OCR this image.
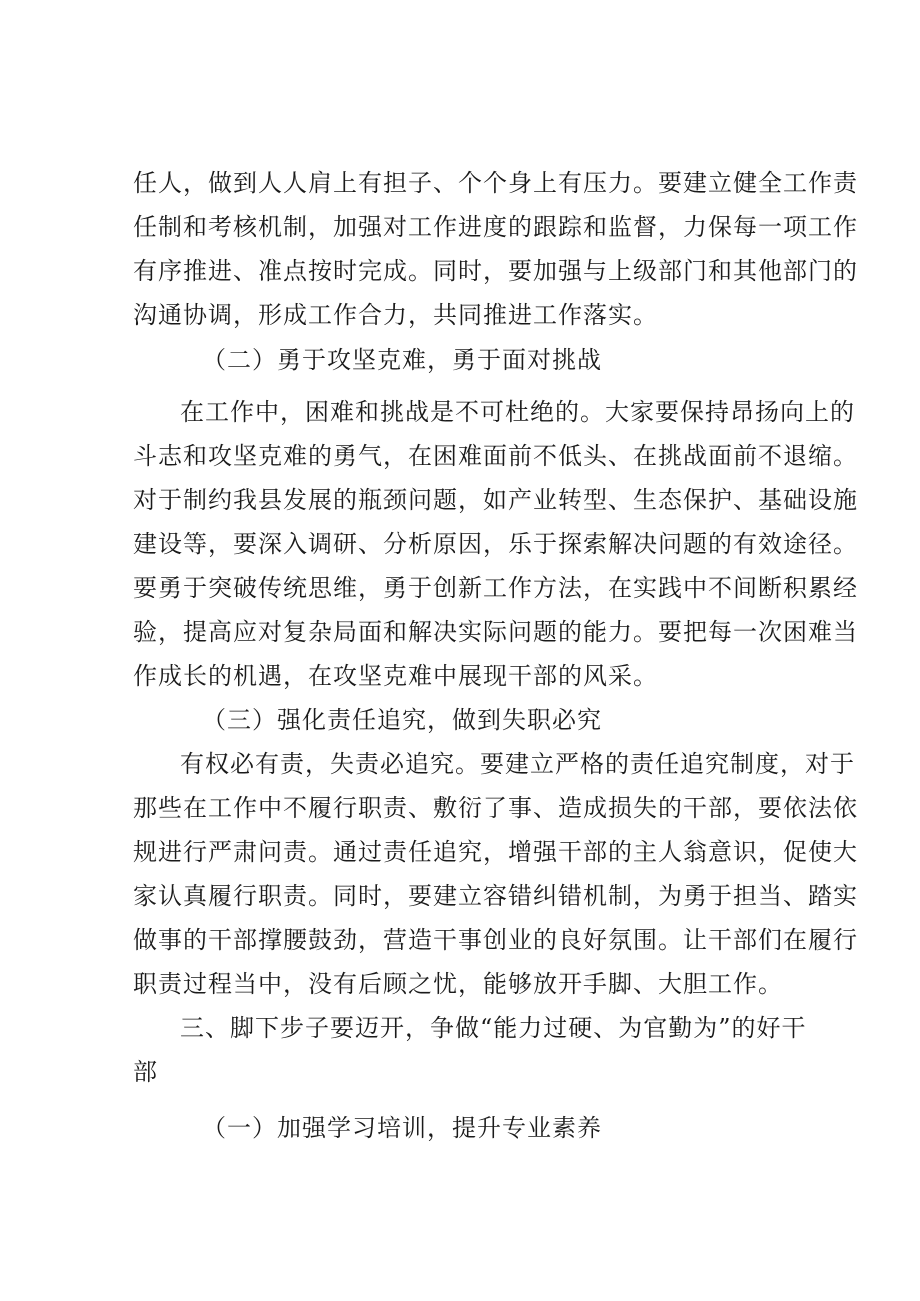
任人，做到人人肩上有担子、个个身上有压力。要建立健全工作责
任制和考核机制，加强对工作进度的跟踪和监督，力保每一项工作
有序推进、准点按时完成。同时，要加强与上级部门和其他部门的
沟通协调，形成工作合力，共同推进工作落实。
（二）勇于攻坚克难，勇于面对挑战
在工作中，困难和挑战是不可杜绝的。大家要保持昂扬向上的
斗志和攻坚克难的勇气，在困难面前不低头、在挑战面前不退缩。
对于制约我县发展的瓶颈问题，如产业转型、生态保护、基础设施
建设等，要深入调研、分析原因，乐于探索解决问题的有效途径。
要勇于突破传统思维，勇于创新工作方法，在实践中不间断积累经
验，提高应对复杂局面和解决实际问题的能力。要把每一次困难当
作成长的机遇，在攻坚克难中展现干部的风采。
（三）强化责任追究，做到失职必究
有权必有责，失责必追究。要建立严格的责任追究制度，对于
那些在工作中不履行职责、敷衍了事、造成损失的干部，要依法依
规进行严肃问责。通过责任追究，增强干部的主人翁意识，促使大
家认真履行职责。同时，要建立容错纠错机制，为勇于担当、踏实
做事的干部撑腰鼓劲，营造干事创业的良好氛围。让干部们在履行
职责过程当中，没有后顾之忧，能够放开手脚、大胆工作。
三、脚下步子要迈开，争做“能力过硬、为官勤为”的好干
部
（一）加强学习培训，提升专业素养
